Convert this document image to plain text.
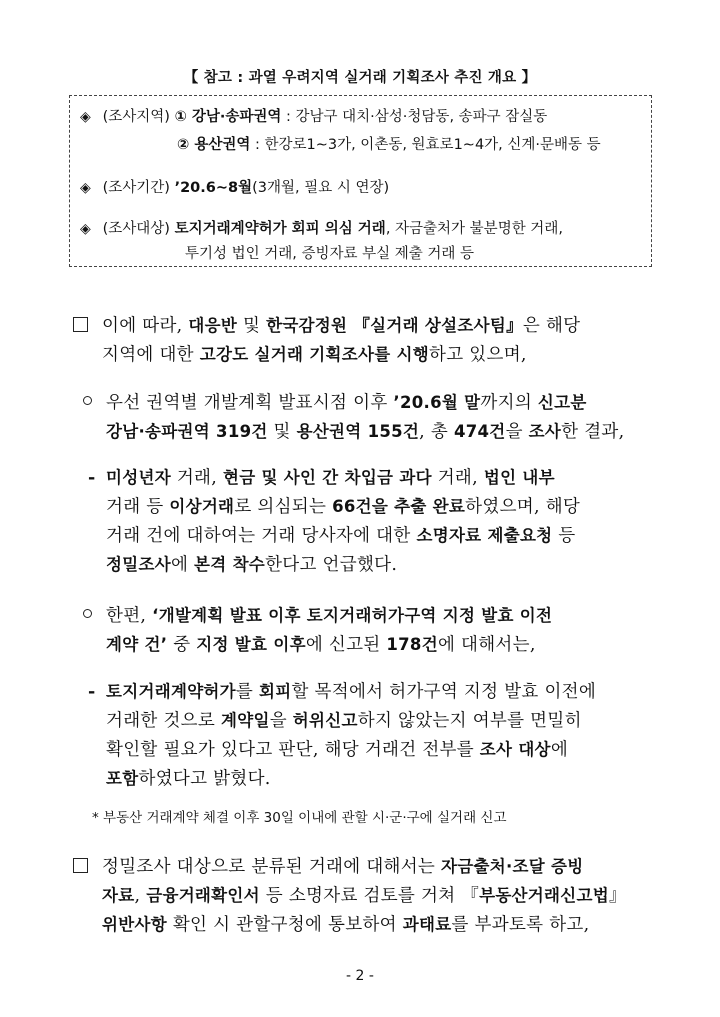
【 참고 : 과열 우려지역 실거래 기획조사 추진 개요 】
◈ (조사지역) ① 강남·송파권역 : 강남구 대치·삼성·청담동, 송파구 잠실동
② 용산권역 : 한강로1∼3가, 이촌동, 원효로1∼4가, 신계·문배동 등
◈ (조사기간) ’20.6∼8월(3개월, 필요 시 연장)
◈ (조사대상) 토지거래계약허가 회피 의심 거래, 자금출처가 불분명한 거래,
투기성 법인 거래, 증빙자료 부실 제출 거래 등
이에 따라, 대응반 및 한국감정원 『실거래 상설조사팀』은 해당
지역에 대한 고강도 실거래 기획조사를 시행하고 있으며,
우선 권역별 개발계획 발표시점 이후 ’20.6월 말까지의 신고분
강남·송파권역 319건 및 용산권역 155건, 총 474건을 조사한 결과,
- 미성년자 거래, 현금 및 사인 간 차입금 과다 거래, 법인 내부
거래 등 이상거래로 의심되는 66건을 추출 완료하였으며, 해당
거래 건에 대하여는 거래 당사자에 대한 소명자료 제출요청 등
정밀조사에 본격 착수한다고 언급했다.
한편, ‘개발계획 발표 이후 토지거래허가구역 지정 발효 이전
계약 건’ 중 지정 발효 이후에 신고된 178건에 대해서는,
- 토지거래계약허가를 회피할 목적에서 허가구역 지정 발효 이전에
거래한 것으로 계약일을 허위신고하지 않았는지 여부를 면밀히
확인할 필요가 있다고 판단, 해당 거래건 전부를 조사 대상에
포함하였다고 밝혔다.
* 부동산 거래계약 체결 이후 30일 이내에 관할 시·군·구에 실거래 신고
정밀조사 대상으로 분류된 거래에 대해서는 자금출처·조달 증빙
자료, 금융거래확인서 등 소명자료 검토를 거쳐 『부동산거래신고법』
위반사항 확인 시 관할구청에 통보하여 과태료를 부과토록 하고,
- 2 -
